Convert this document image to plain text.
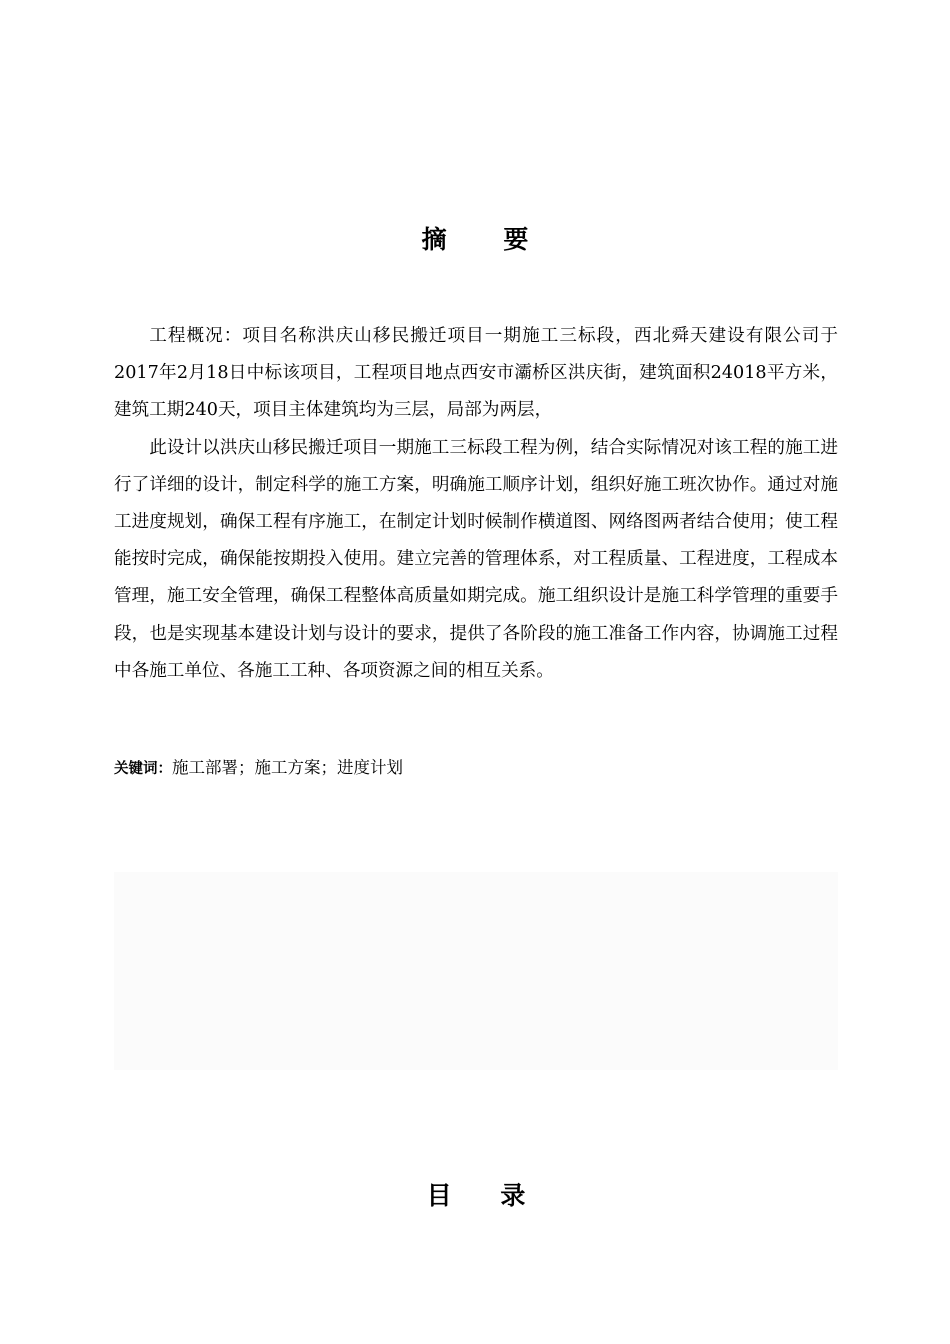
摘 要

工程概况：项目名称洪庆山移民搬迁项目一期施工三标段，西北舜天建设有限公司于2017年2月18日中标该项目，工程项目地点西安市灞桥区洪庆街，建筑面积24018平方米，建筑工期240天，项目主体建筑均为三层，局部为两层，

此设计以洪庆山移民搬迁项目一期施工三标段工程为例，结合实际情况对该工程的施工进行了详细的设计，制定科学的施工方案，明确施工顺序计划，组织好施工班次协作。通过对施工进度规划，确保工程有序施工，在制定计划时候制作横道图、网络图两者结合使用；使工程能按时完成，确保能按期投入使用。建立完善的管理体系，对工程质量、工程进度，工程成本管理，施工安全管理，确保工程整体高质量如期完成。施工组织设计是施工科学管理的重要手段，也是实现基本建设计划与设计的要求，提供了各阶段的施工准备工作内容，协调施工过程中各施工单位、各施工工种、各项资源之间的相互关系。

关键词：施工部署；施工方案；进度计划
目 录
